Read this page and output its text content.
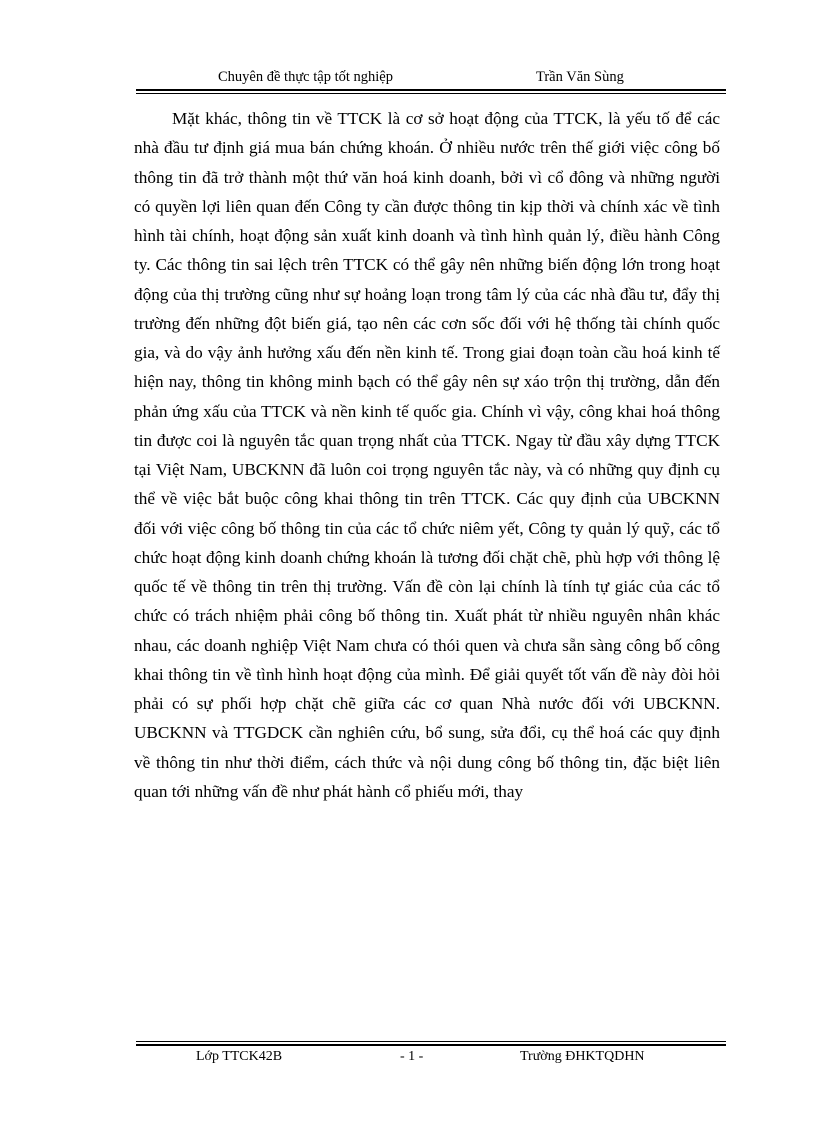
Chuyên đề thực tập tốt nghiệp	Trần Văn Sùng

Mặt khác, thông tin về TTCK là cơ sở hoạt động của TTCK, là yếu tố để các nhà đầu tư định giá mua bán chứng khoán. Ở nhiều nước trên thế giới việc công bố thông tin đã trở thành một thứ văn hoá kinh doanh, bởi vì cổ đông và những người có quyền lợi liên quan đến Công ty cần được thông tin kịp thời và chính xác về tình hình tài chính, hoạt động sản xuất kinh doanh và tình hình quản lý, điều hành Công ty. Các thông tin sai lệch trên TTCK có thể gây nên những biến động lớn trong hoạt động của thị trường cũng như sự hoảng loạn trong tâm lý của các nhà đầu tư, đẩy thị trường đến những đột biến giá, tạo nên các cơn sốc đối với hệ thống tài chính quốc gia, và do vậy ảnh hưởng xấu đến nền kinh tế. Trong giai đoạn toàn cầu hoá kinh tế hiện nay, thông tin không minh bạch có thể gây nên sự xáo trộn thị trường, dẫn đến phản ứng xấu của TTCK và nền kinh tế quốc gia. Chính vì vậy, công khai hoá thông tin được coi là nguyên tắc quan trọng nhất của TTCK. Ngay từ đầu xây dựng TTCK tại Việt Nam, UBCKNN đã luôn coi trọng nguyên tắc này, và có những quy định cụ thể về việc bắt buộc công khai thông tin trên TTCK. Các quy định của UBCKNN đối với việc công bố thông tin của các tổ chức niêm yết, Công ty quản lý quỹ, các tổ chức hoạt động kinh doanh chứng khoán là tương đối chặt chẽ, phù hợp với thông lệ quốc tế về thông tin trên thị trường. Vấn đề còn lại chính là tính tự giác của các tổ chức có trách nhiệm phải công bố thông tin. Xuất phát từ nhiều nguyên nhân khác nhau, các doanh nghiệp Việt Nam chưa có thói quen và chưa sẵn sàng công bố công khai thông tin về tình hình hoạt động của mình. Để giải quyết tốt vấn đề này đòi hỏi phải có sự phối hợp chặt chẽ giữa các cơ quan Nhà nước đối với UBCKNN. UBCKNN và TTGDCK cần nghiên cứu, bổ sung, sửa đổi, cụ thể hoá các quy định về thông tin như thời điểm, cách thức và nội dung công bố thông tin, đặc biệt liên quan tới những vấn đề như phát hành cổ phiếu mới, thay

Lớp TTCK42B	- 1 -	Trường ĐHKTQDHN
